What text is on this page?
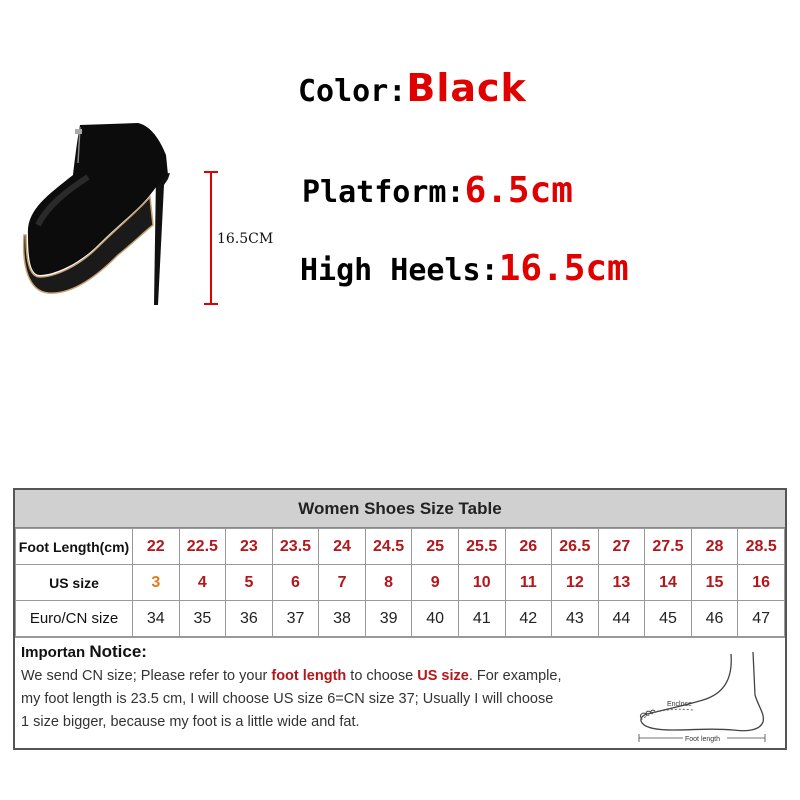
16.5CM
Color:Black
Platform:6.5cm
High Heels:16.5cm
Women Shoes Size Table
Foot Length(cm)	22	22.5	23	23.5	24	24.5	25	25.5	26	26.5	27	27.5	28	28.5
US size	3	4	5	6	7	8	9	10	11	12	13	14	15	16
Euro/CN size	34	35	36	37	38	39	40	41	42	43	44	45	46	47
Importan Notice:
We send CN size; Please refer to your foot length to choose US size. For example,
my foot length is 23.5 cm, I will choose US size 6=CN size 37; Usually I will choose
1 size bigger, because my foot is a little wide and fat.
Enclose
Foot length
